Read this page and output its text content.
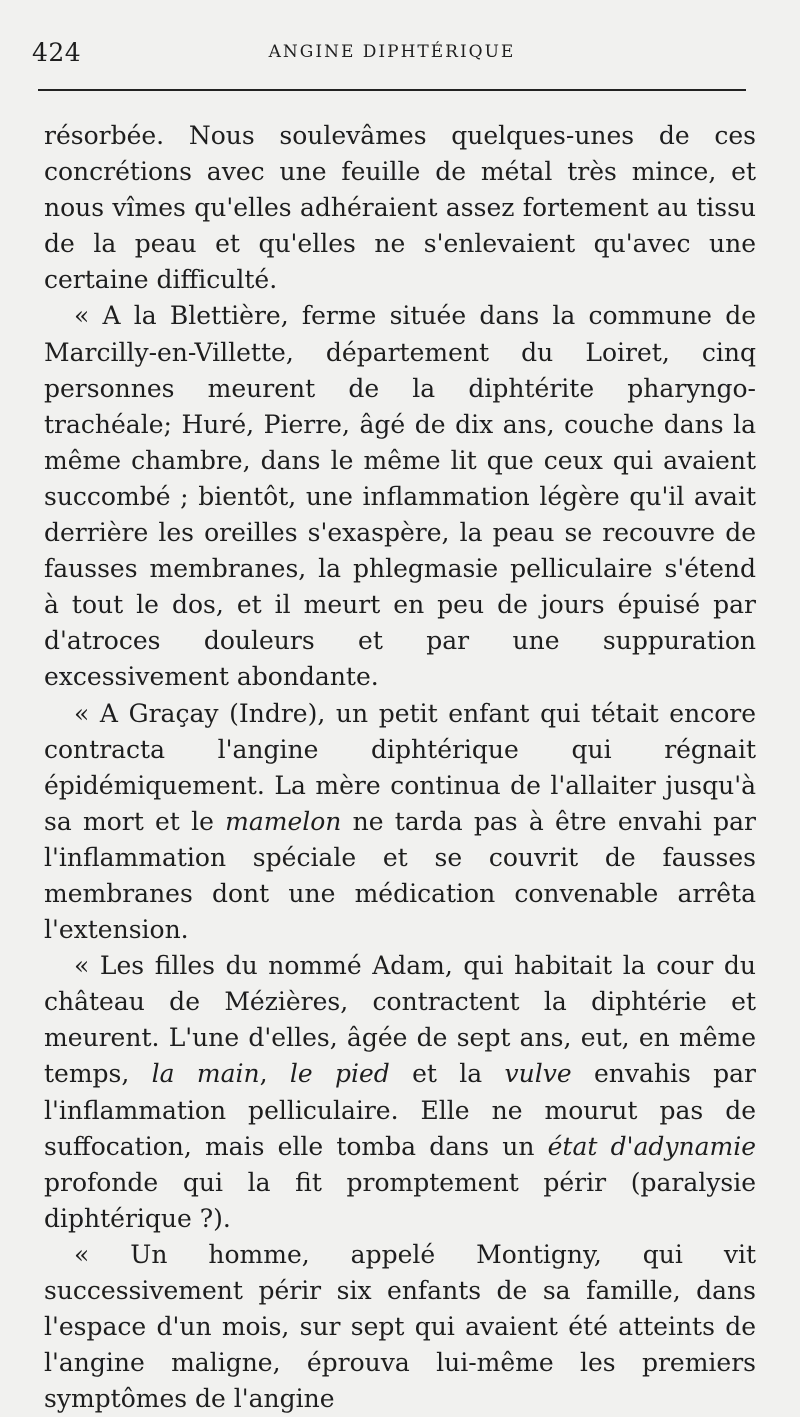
424	ANGINE DIPHTÉRIQUE

résorbée. Nous soulevâmes quelques-unes de ces concrétions avec une feuille de métal très mince, et nous vîmes qu'elles adhéraient assez fortement au tissu de la peau et qu'elles ne s'enlevaient qu'avec une certaine difficulté.

« A la Blettière, ferme située dans la commune de Marcilly-en-Villette, département du Loiret, cinq personnes meurent de la diphtérite pharyngo-trachéale; Huré, Pierre, âgé de dix ans, couche dans la même chambre, dans le même lit que ceux qui avaient succombé ; bientôt, une inflammation légère qu'il avait derrière les oreilles s'exaspère, la peau se recouvre de fausses membranes, la phlegmasie pelliculaire s'étend à tout le dos, et il meurt en peu de jours épuisé par d'atroces douleurs et par une suppuration excessivement abondante.

« A Graçay (Indre), un petit enfant qui tétait encore contracta l'angine diphtérique qui régnait épidémiquement. La mère continua de l'allaiter jusqu'à sa mort et le mamelon ne tarda pas à être envahi par l'inflammation spéciale et se couvrit de fausses membranes dont une médication convenable arrêta l'extension.

« Les filles du nommé Adam, qui habitait la cour du château de Mézières, contractent la diphtérie et meurent. L'une d'elles, âgée de sept ans, eut, en même temps, la main, le pied et la vulve envahis par l'inflammation pelliculaire. Elle ne mourut pas de suffocation, mais elle tomba dans un état d'adynamie profonde qui la fit promptement périr (paralysie diphtérique ?).

« Un homme, appelé Montigny, qui vit successivement périr six enfants de sa famille, dans l'espace d'un mois, sur sept qui avaient été atteints de l'angine maligne, éprouva lui-même les premiers symptômes de l'angine
